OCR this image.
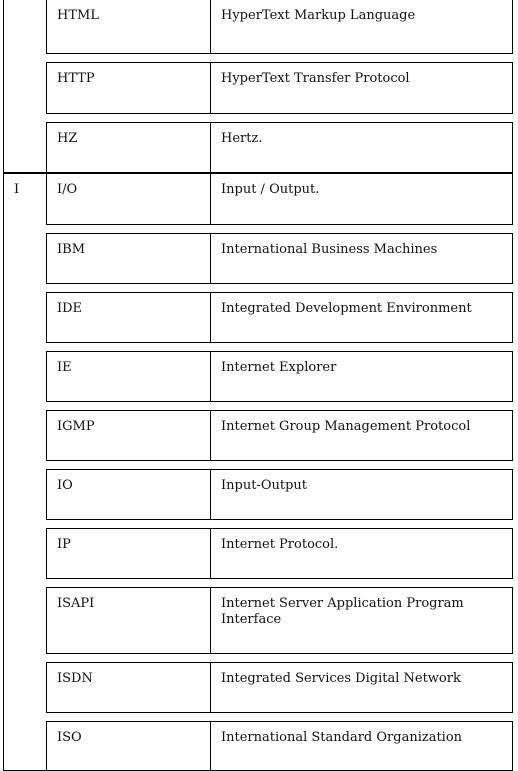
	HTML	HyperText Markup Language

	HTTP	HyperText Transfer Protocol

	HZ	Hertz.
I	I/O	Input / Output.

	IBM	International Business Machines

	IDE	Integrated Development Environment

	IE	Internet Explorer

	IGMP	Internet Group Management Protocol

	IO	Input-Output

	IP	Internet Protocol.

	ISAPI	Internet Server Application Program Interface

	ISDN	Integrated Services Digital Network

	ISO	International Standard Organization
